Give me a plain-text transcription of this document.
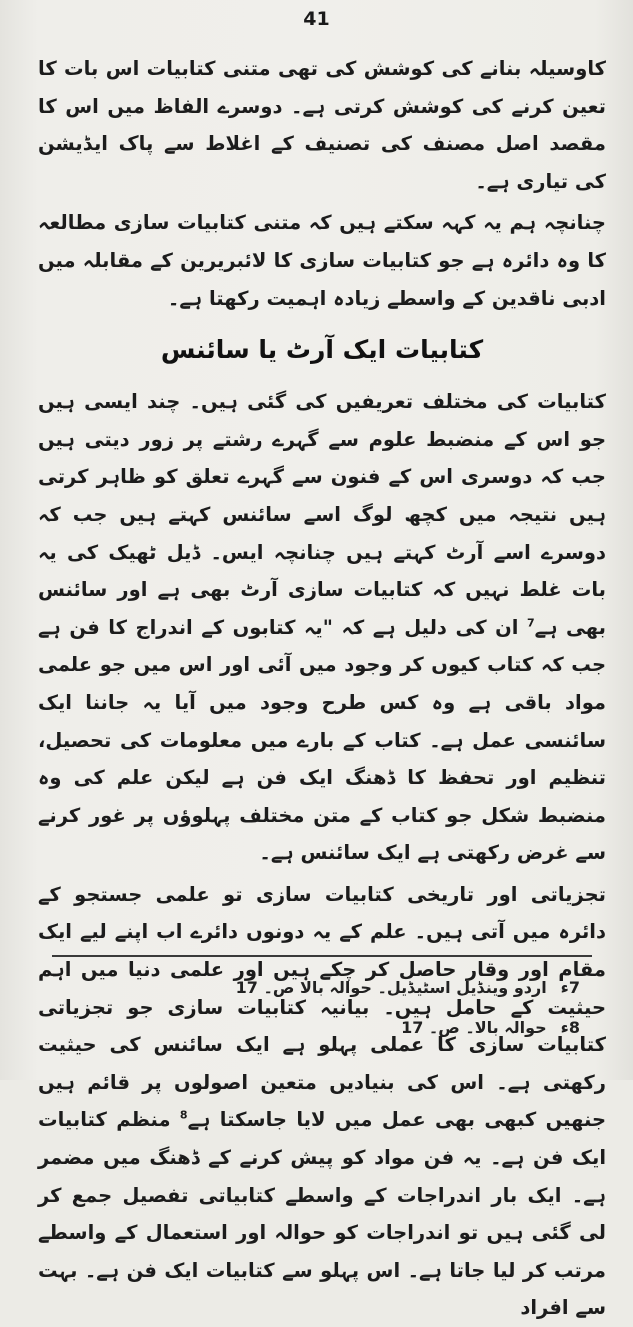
41

کاوسیلہ بنانے کی کوشش کی تھی متنی کتابیات اس بات کا تعین کرنے کی کوشش کرتی ہے۔ دوسرے الفاظ میں اس کا مقصد اصل مصنف کی تصنیف کے اغلاط سے پاک ایڈیشن کی تیاری ہے۔

چنانچہ ہم یہ کہہ سکتے ہیں کہ متنی کتابیات سازی مطالعہ کا وہ دائرہ ہے جو کتابیات سازی کا لائبریرین کے مقابلہ میں ادبی ناقدین کے واسطے زیادہ اہمیت رکھتا ہے۔

کتابیات ایک آرٹ یا سائنس

کتابیات کی مختلف تعریفیں کی گئی ہیں۔ چند ایسی ہیں جو اس کے منضبط علوم سے گہرے رشتے پر زور دیتی ہیں جب کہ دوسری اس کے فنون سے گہرے تعلق کو ظاہر کرتی ہیں نتیجہ میں کچھ لوگ اسے سائنس کہتے ہیں جب کہ دوسرے اسے آرٹ کہتے ہیں چنانچہ ایس۔ ڈیل ٹھیک کی یہ بات غلط نہیں کہ کتابیات سازی آرٹ بھی ہے اور سائنس بھی ہے$^7$ ان کی دلیل ہے کہ "یہ کتابوں کے اندراج کا فن ہے جب کہ کتاب کیوں کر وجود میں آئی اور اس میں جو علمی مواد باقی ہے وہ کس طرح وجود میں آیا یہ جاننا ایک سائنسی عمل ہے۔ کتاب کے بارے میں معلومات کی تحصیل، تنظیم اور تحفظ کا ڈھنگ ایک فن ہے لیکن علم کی وہ منضبط شکل جو کتاب کے متن مختلف پہلوؤں پر غور کرنے سے غرض رکھتی ہے ایک سائنس ہے۔

تجزیاتی اور تاریخی کتابیات سازی تو علمی جستجو کے دائرہ میں آتی ہیں۔ علم کے یہ دونوں دائرے اب اپنے لیے ایک مقام اور وقار حاصل کر چکے ہیں اور علمی دنیا میں اہم حیثیت کے حامل ہیں۔ بیانیہ کتابیات سازی جو تجزیاتی کتابیات سازی کا عملی پہلو ہے ایک سائنس کی حیثیت رکھتی ہے۔ اس کی بنیادیں متعین اصولوں پر قائم ہیں جنھیں کبھی بھی عمل میں لایا جاسکتا ہے$^8$ منظم کتابیات ایک فن ہے۔ یہ فن مواد کو پیش کرنے کے ڈھنگ میں مضمر ہے۔ ایک بار اندراجات کے واسطے کتابیاتی تفصیل جمع کر لی گئی ہیں تو اندراجات کو حوالہ اور استعمال کے واسطے مرتب کر لیا جاتا ہے۔ اس پہلو سے کتابیات ایک فن ہے۔ بہت سے افراد

7ءاردو وینڈیل اسٹیڈیل۔ حوالہ بالا ص۔ 17

8ءحوالہ بالا۔ ص۔ 17
